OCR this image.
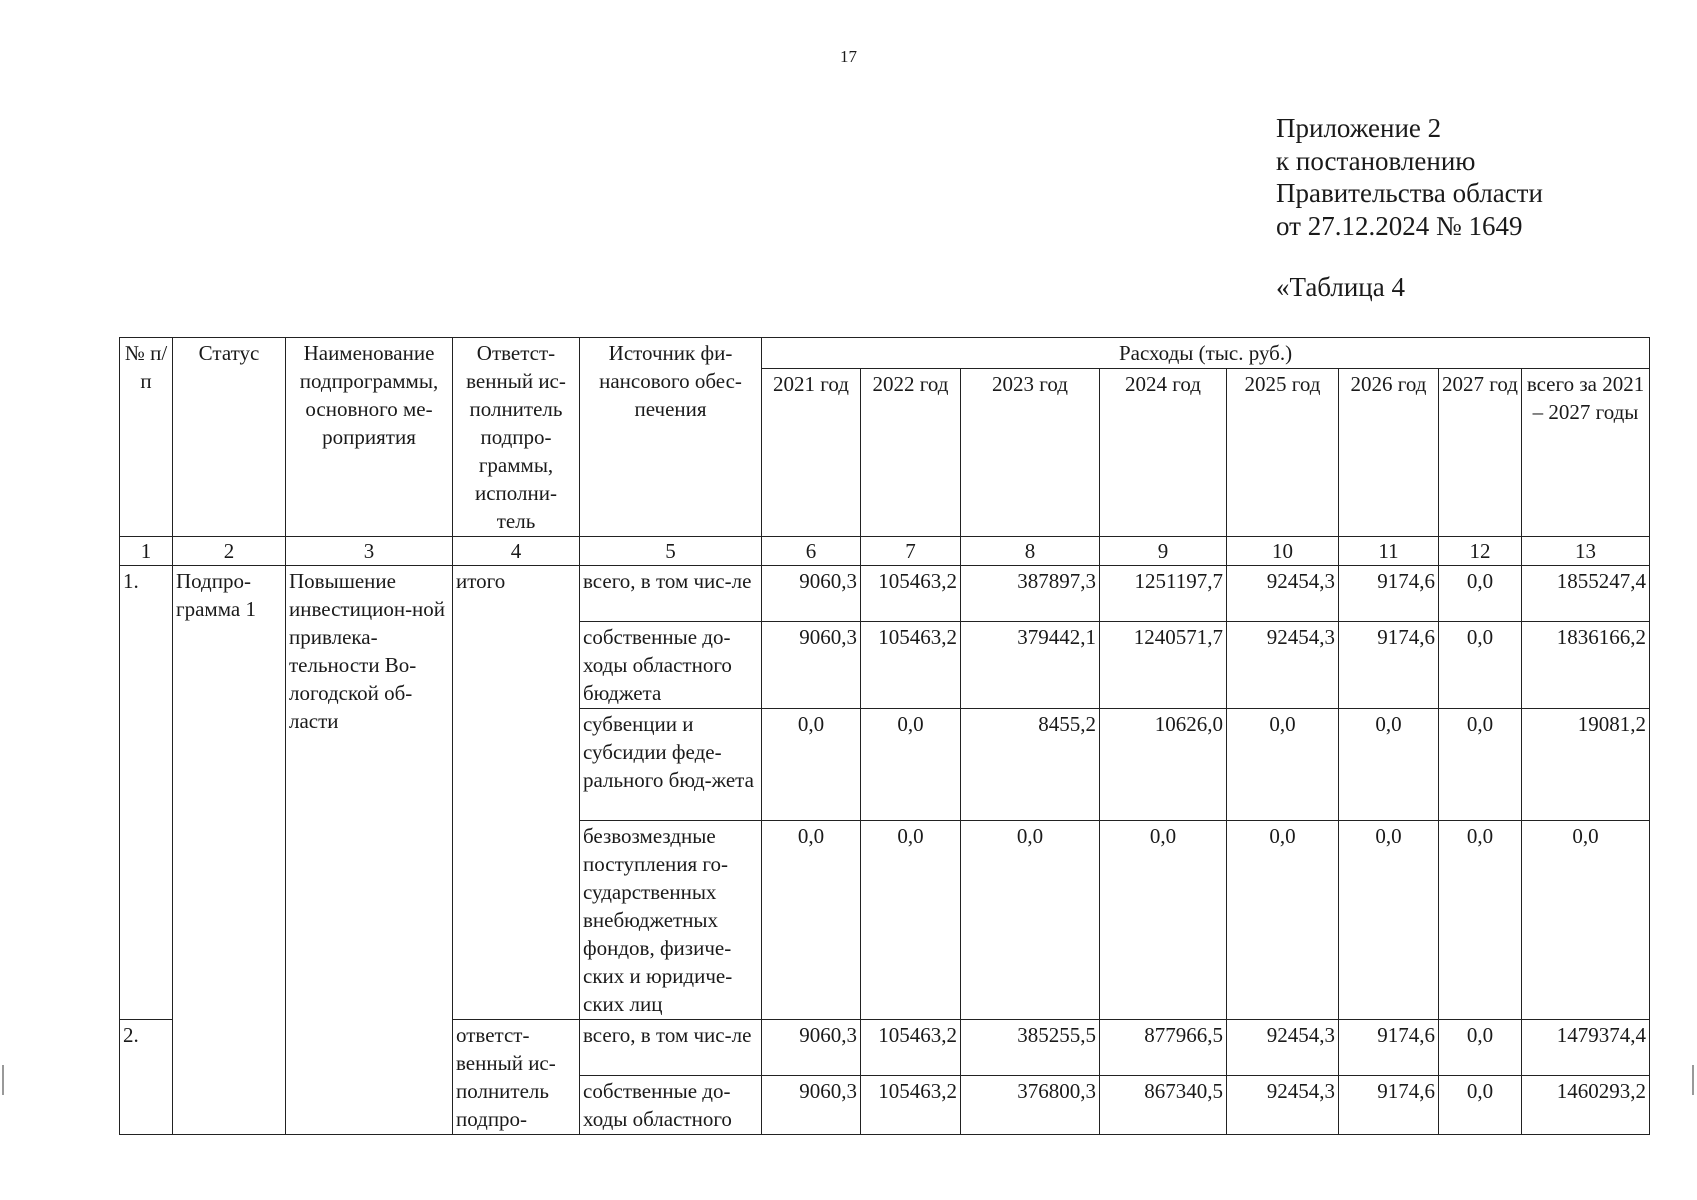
17
Приложение 2
к постановлению
Правительства области
от 27.12.2024 № 1649
«Таблица 4
№ п/п	Статус	Наименование подпрограммы, основного ме-роприятия	Ответст-венный ис-полнитель подпро-граммы, исполни-тель	Источник фи-нансового обес-печения	Расходы (тыс. руб.)							
					2021 год	2022 год	2023 год	2024 год	2025 год	2026 год	2027 год	всего за 2021 – 2027 годы
1	2	3	4	5	6	7	8	9	10	11	12	13
1.	Подпро-грамма 1	Повышение инвестицион-ной привлека-тельности Во-логодской об-ласти	итого	всего, в том чис-ле	9060,3	105463,2	387897,3	1251197,7	92454,3	9174,6	0,0	1855247,4
				собственные до-ходы областного бюджета	9060,3	105463,2	379442,1	1240571,7	92454,3	9174,6	0,0	1836166,2
				субвенции и субсидии феде-рального бюд-жета	0,0	0,0	8455,2	10626,0	0,0	0,0	0,0	19081,2
				безвозмездные поступления го-сударственных внебюджетных фондов, физиче-ских и юридиче-ских лиц	0,0	0,0	0,0	0,0	0,0	0,0	0,0	0,0
2.			ответст-венный ис-полнитель подпро-	всего, в том чис-ле	9060,3	105463,2	385255,5	877966,5	92454,3	9174,6	0,0	1479374,4
				собственные до-ходы областного	9060,3	105463,2	376800,3	867340,5	92454,3	9174,6	0,0	1460293,2
